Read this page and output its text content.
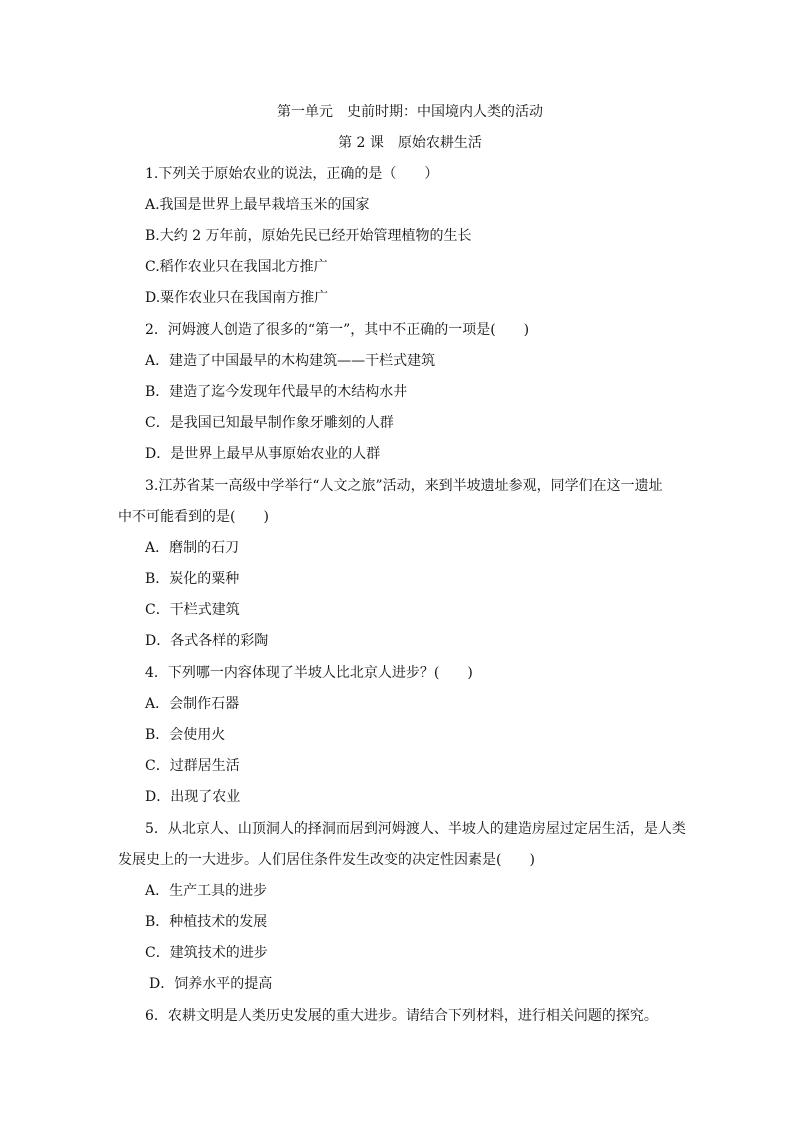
第一单元　史前时期：中国境内人类的活动
第 2 课　原始农耕生活
1.下列关于原始农业的说法，正确的是（　　）
A.我国是世界上最早栽培玉米的国家
B.大约 2 万年前，原始先民已经开始管理植物的生长
C.稻作农业只在我国北方推广
D.粟作农业只在我国南方推广
2．河姆渡人创造了很多的“第一”，其中不正确的一项是(　　)
A．建造了中国最早的木构建筑——干栏式建筑
B．建造了迄今发现年代最早的木结构水井
C．是我国已知最早制作象牙雕刻的人群
D．是世界上最早从事原始农业的人群
3.江苏省某一高级中学举行“人文之旅”活动，来到半坡遗址参观，同学们在这一遗址
中不可能看到的是(　　)
A．磨制的石刀
B．炭化的粟种
C．干栏式建筑
D．各式各样的彩陶
4．下列哪一内容体现了半坡人比北京人进步？(　　)
A．会制作石器
B．会使用火
C．过群居生活
D．出现了农业
5．从北京人、山顶洞人的择洞而居到河姆渡人、半坡人的建造房屋过定居生活，是人类
发展史上的一大进步。人们居住条件发生改变的决定性因素是(　　)
A．生产工具的进步
B．种植技术的发展
C．建筑技术的进步
D．饲养水平的提高
6．农耕文明是人类历史发展的重大进步。请结合下列材料，进行相关问题的探究。
